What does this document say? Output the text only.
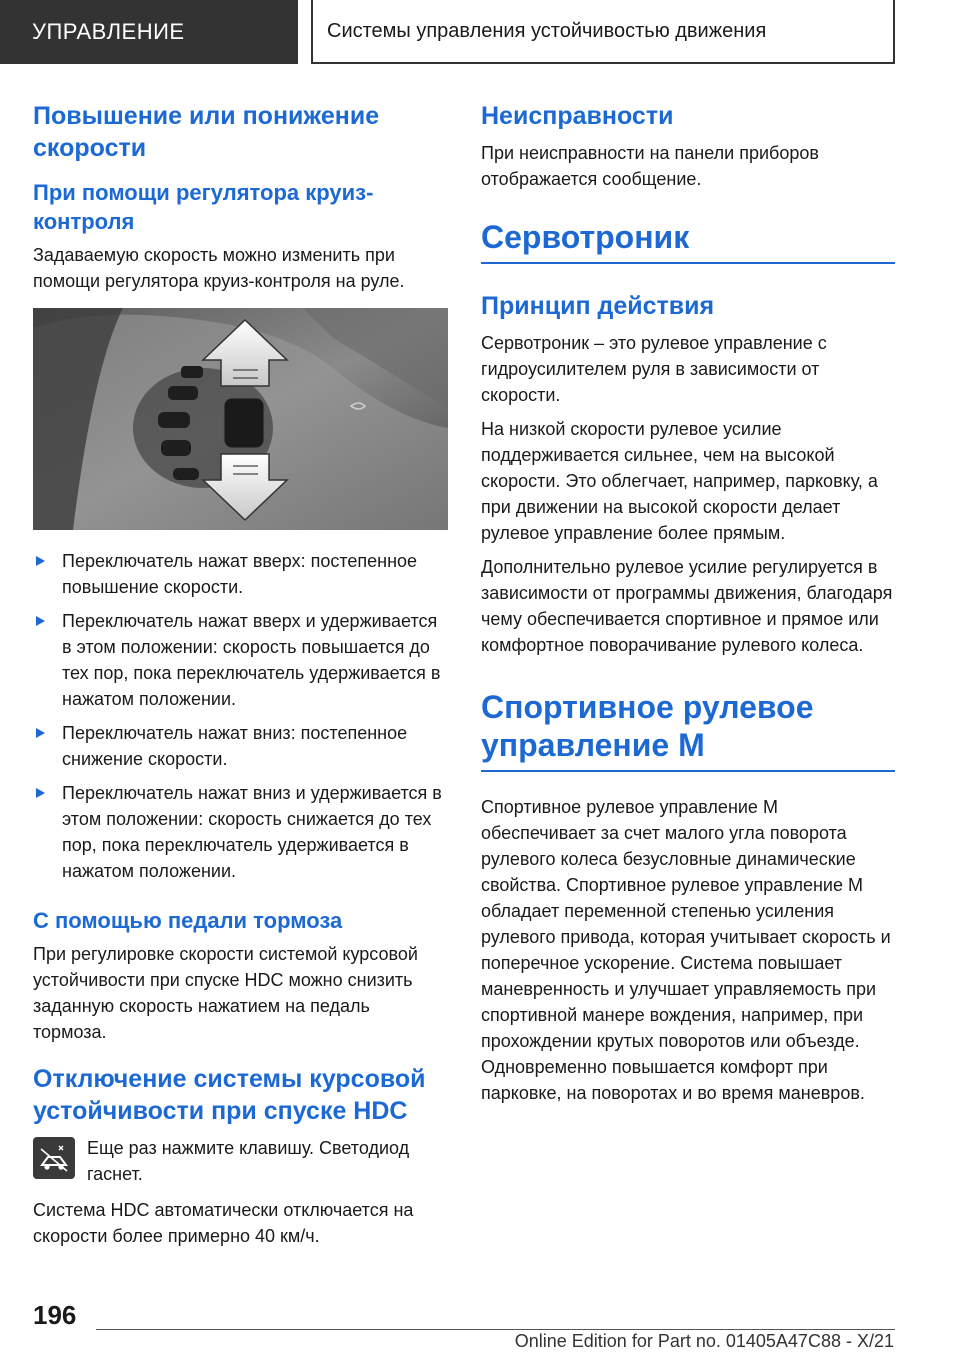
УПРАВЛЕНИЕ	Системы управления устойчивостью движения
Повышение или понижение скорости
При помощи регулятора круиз-контроля

Задаваемую скорость можно изменить при помощи регулятора круиз-контроля на руле.

Переключатель нажат вверх: постепенное повышение скорости.
Переключатель нажат вверх и удерживается в этом положении: скорость повышается до тех пор, пока переключатель удерживается в нажатом положении.
Переключатель нажат вниз: постепенное снижение скорости.
Переключатель нажат вниз и удерживается в этом положении: скорость снижается до тех пор, пока переключатель удерживается в нажатом положении.
С помощью педали тормоза

При регулировке скорости системой курсовой устойчивости при спуске HDC можно снизить заданную скорость нажатием на педаль тормоза.

Отключение системы курсовой устойчивости при спуске HDC

Еще раз нажмите клавишу. Светодиод гаснет.

Система HDC автоматически отключается на скорости более примерно 40 км/ч.

Неисправности

При неисправности на панели приборов отображается сообщение.

Сервотроник
Принцип действия

Сервотроник – это рулевое управление с гидроусилителем руля в зависимости от скорости.

На низкой скорости рулевое усилие поддерживается сильнее, чем на высокой скорости. Это облегчает, например, парковку, а при движении на высокой скорости делает рулевое управление более прямым.

Дополнительно рулевое усилие регулируется в зависимости от программы движения, благодаря чему обеспечивается спортивное и прямое или комфортное поворачивание рулевого колеса.

Спортивное рулевое управление M

Спортивное рулевое управление M обеспечивает за счет малого угла поворота рулевого колеса безусловные динамические свойства. Спортивное рулевое управление M обладает переменной степенью усиления рулевого привода, которая учитывает скорость и поперечное ускорение. Система повышает маневренность и улучшает управляемость при спортивной манере вождения, например, при прохождении крутых поворотов или объезде. Одновременно повышается комфорт при парковке, на поворотах и во время маневров.

196
Online Edition for Part no. 01405A47C88 - X/21
